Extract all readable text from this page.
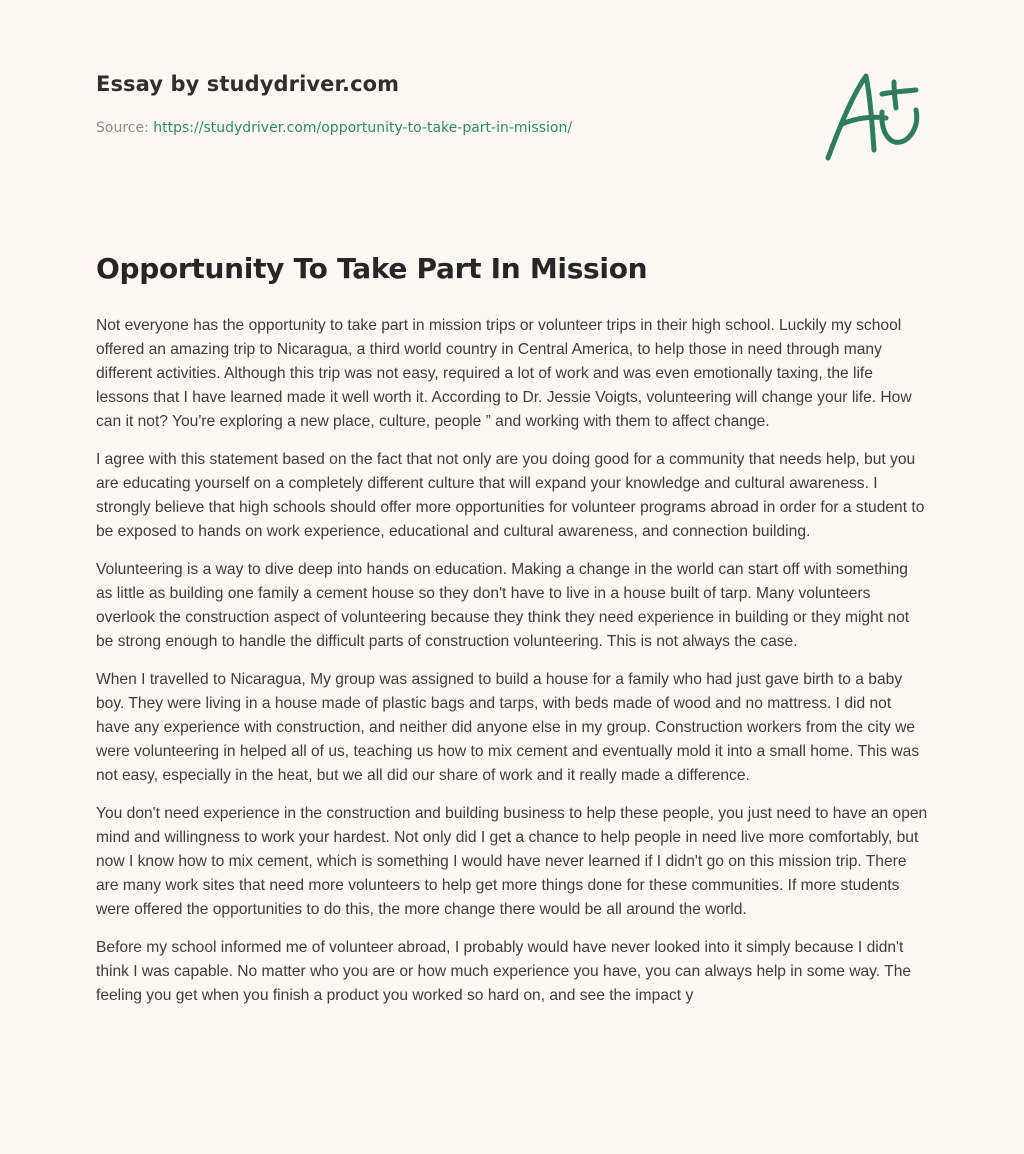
Essay by studydriver.com

Source: https://studydriver.com/opportunity-to-take-part-in-mission/
Opportunity To Take Part In Mission

Not everyone has the opportunity to take part in mission trips or volunteer trips in their high school. Luckily my school offered an amazing trip to Nicaragua, a third world country in Central America, to help those in need through many different activities. Although this trip was not easy, required a lot of work and was even emotionally taxing, the life lessons that I have learned made it well worth it. According to Dr. Jessie Voigts, volunteering will change your life. How can it not? You're exploring a new place, culture, people ” and working with them to affect change.

I agree with this statement based on the fact that not only are you doing good for a community that needs help, but you are educating yourself on a completely different culture that will expand your knowledge and cultural awareness. I strongly believe that high schools should offer more opportunities for volunteer programs abroad in order for a student to be exposed to hands on work experience, educational and cultural awareness, and connection building.

Volunteering is a way to dive deep into hands on education. Making a change in the world can start off with something as little as building one family a cement house so they don't have to live in a house built of tarp. Many volunteers overlook the construction aspect of volunteering because they think they need experience in building or they might not be strong enough to handle the difficult parts of construction volunteering. This is not always the case.

When I travelled to Nicaragua, My group was assigned to build a house for a family who had just gave birth to a baby boy. They were living in a house made of plastic bags and tarps, with beds made of wood and no mattress. I did not have any experience with construction, and neither did anyone else in my group. Construction workers from the city we were volunteering in helped all of us, teaching us how to mix cement and eventually mold it into a small home. This was not easy, especially in the heat, but we all did our share of work and it really made a difference.

You don't need experience in the construction and building business to help these people, you just need to have an open mind and willingness to work your hardest. Not only did I get a chance to help people in need live more comfortably, but now I know how to mix cement, which is something I would have never learned if I didn't go on this mission trip. There are many work sites that need more volunteers to help get more things done for these communities. If more students were offered the opportunities to do this, the more change there would be all around the world.

Before my school informed me of volunteer abroad, I probably would have never looked into it simply because I didn't think I was capable. No matter who you are or how much experience you have, you can always help in some way. The feeling you get when you finish a product you worked so hard on, and see the impact y
